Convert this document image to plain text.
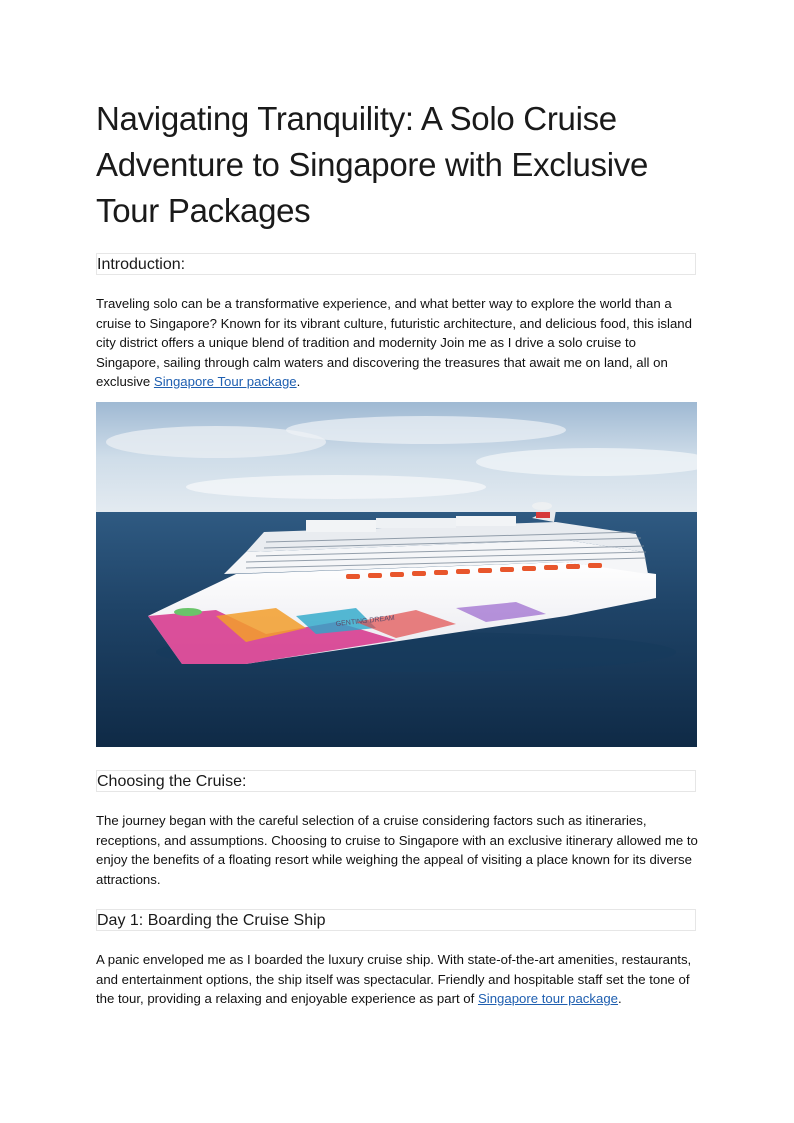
Navigating Tranquility: A Solo Cruise Adventure to Singapore with Exclusive Tour Packages
Introduction:

Traveling solo can be a transformative experience, and what better way to explore the world than a cruise to Singapore? Known for its vibrant culture, futuristic architecture, and delicious food, this island city district offers a unique blend of tradition and modernity Join me as I drive a solo cruise to Singapore, sailing through calm waters and discovering the treasures that await me on land, all on exclusive Singapore Tour package.

GENTING DREAM
Choosing the Cruise:

The journey began with the careful selection of a cruise considering factors such as itineraries, receptions, and assumptions. Choosing to cruise to Singapore with an exclusive itinerary allowed me to enjoy the benefits of a floating resort while weighing the appeal of visiting a place known for its diverse attractions.

Day 1: Boarding the Cruise Ship

A panic enveloped me as I boarded the luxury cruise ship. With state-of-the-art amenities, restaurants, and entertainment options, the ship itself was spectacular. Friendly and hospitable staff set the tone of the tour, providing a relaxing and enjoyable experience as part of Singapore tour package.
